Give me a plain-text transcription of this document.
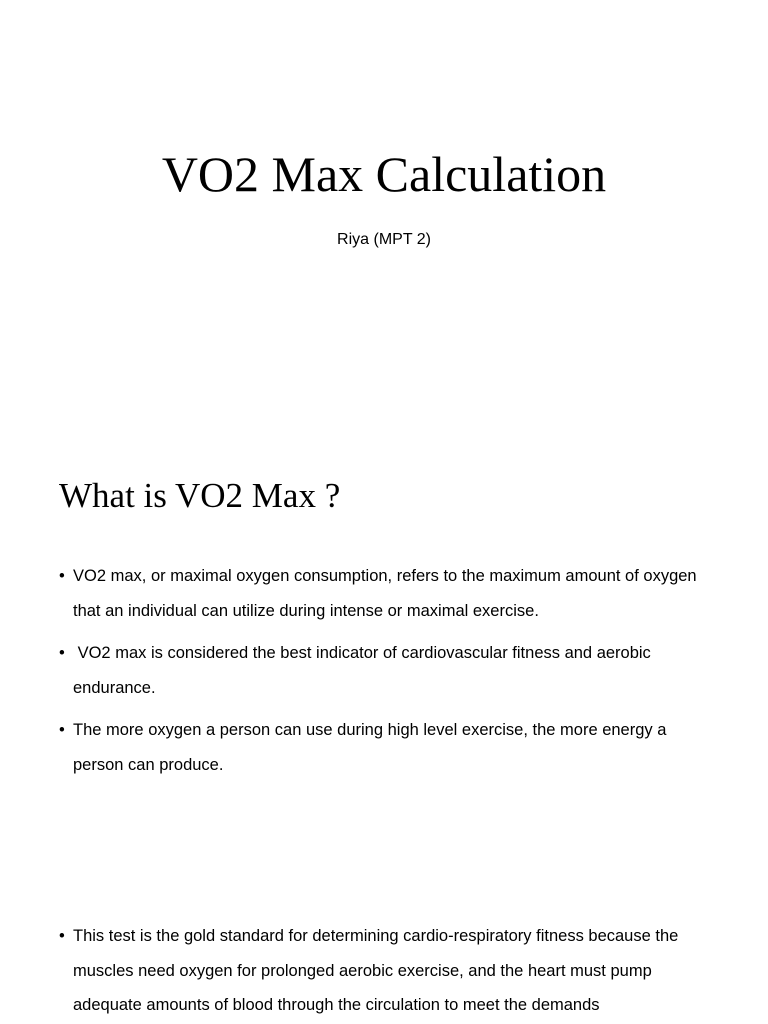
VO2 Max Calculation

Riya (MPT 2)

What is VO2 Max ?
• VO2 max, or maximal oxygen consumption, refers to the maximum amount of oxygen that an individual can utilize during intense or maximal exercise.
• VO2 max is considered the best indicator of cardiovascular fitness and aerobic endurance.
• The more oxygen a person can use during high level exercise, the more energy a person can produce.
• This test is the gold standard for determining cardio-respiratory fitness because the muscles need oxygen for prolonged aerobic exercise, and the heart must pump adequate amounts of blood through the circulation to meet the demands
